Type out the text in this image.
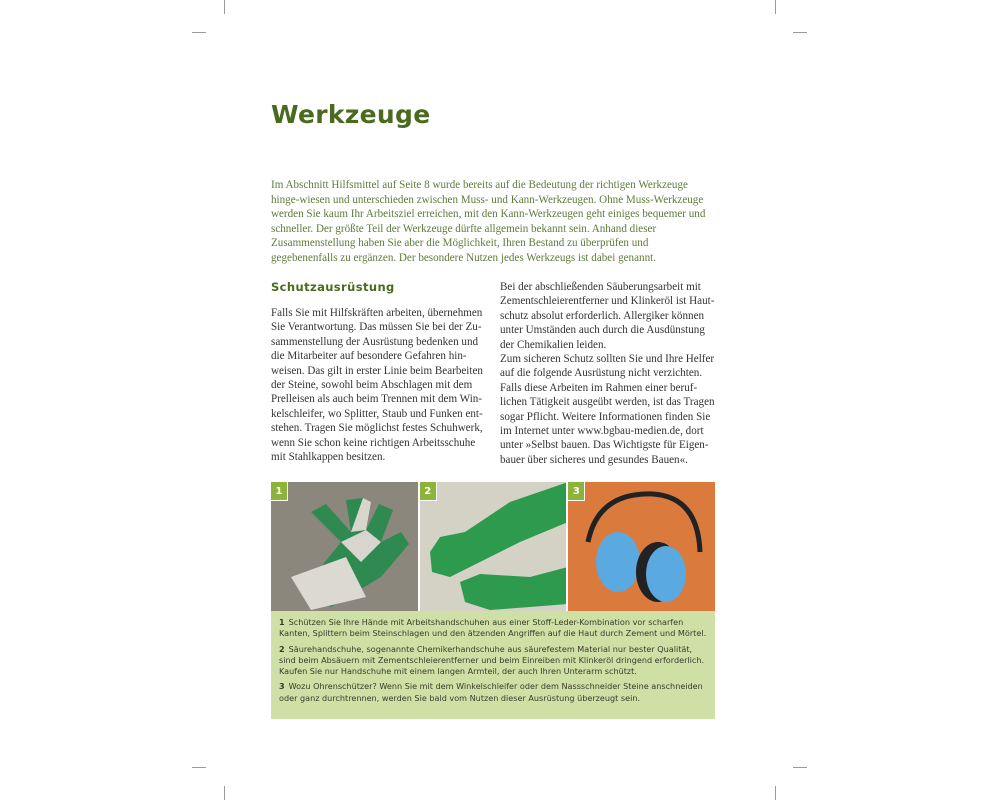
Werkzeuge

Im Abschnitt Hilfsmittel auf Seite 8 wurde bereits auf die Bedeutung der richtigen Werkzeuge hinge-wiesen und unterschieden zwischen Muss- und Kann-Werkzeugen. Ohne Muss-Werkzeuge werden Sie kaum Ihr Arbeitsziel erreichen, mit den Kann-Werkzeugen geht einiges bequemer und schneller. Der größte Teil der Werkzeuge dürfte allgemein bekannt sein. Anhand dieser Zusammenstellung haben Sie aber die Möglichkeit, Ihren Bestand zu überprüfen und gegebenenfalls zu ergänzen. Der besondere Nutzen jedes Werkzeugs ist dabei genannt.

Schutzausrüstung

Falls Sie mit Hilfskräften arbeiten, übernehmen Sie Verantwortung. Das müssen Sie bei der Zu-sammenstellung der Ausrüstung bedenken und die Mitarbeiter auf besondere Gefahren hin-weisen. Das gilt in erster Linie beim Bearbeiten der Steine, sowohl beim Abschlagen mit dem Prelleisen als auch beim Trennen mit dem Win-kelschleifer, wo Splitter, Staub und Funken ent-stehen. Tragen Sie möglichst festes Schuhwerk, wenn Sie schon keine richtigen Arbeitsschuhe mit Stahlkappen besitzen.

Bei der abschließenden Säuberungsarbeit mit Zementschleierentferner und Klinkeröl ist Haut-schutz absolut erforderlich. Allergiker können unter Umständen auch durch die Ausdünstung der Chemikalien leiden.

Zum sicheren Schutz sollten Sie und Ihre Helfer auf die folgende Ausrüstung nicht verzichten. Falls diese Arbeiten im Rahmen einer beruf-lichen Tätigkeit ausgeübt werden, ist das Tragen sogar Pflicht. Weitere Informationen finden Sie im Internet unter www.bgbau-medien.de, dort unter »Selbst bauen. Das Wichtigste für Eigen-bauer über sicheres und gesundes Bauen«.

1	2	3

1 Schützen Sie Ihre Hände mit Arbeitshandschuhen aus einer Stoff-Leder-Kombination vor scharfen Kanten, Splittern beim Steinschlagen und den ätzenden Angriffen auf die Haut durch Zement und Mörtel.

2 Säurehandschuhe, sogenannte Chemikerhandschuhe aus säurefestem Material nur bester Qualität, sind beim Absäuern mit Zementschleierentferner und beim Einreiben mit Klinkeröl dringend erforderlich. Kaufen Sie nur Handschuhe mit einem langen Armteil, der auch Ihren Unterarm schützt.

3 Wozu Ohrenschützer? Wenn Sie mit dem Winkelschleifer oder dem Nassschneider Steine anschneiden oder ganz durchtrennen, werden Sie bald vom Nutzen dieser Ausrüstung überzeugt sein.
